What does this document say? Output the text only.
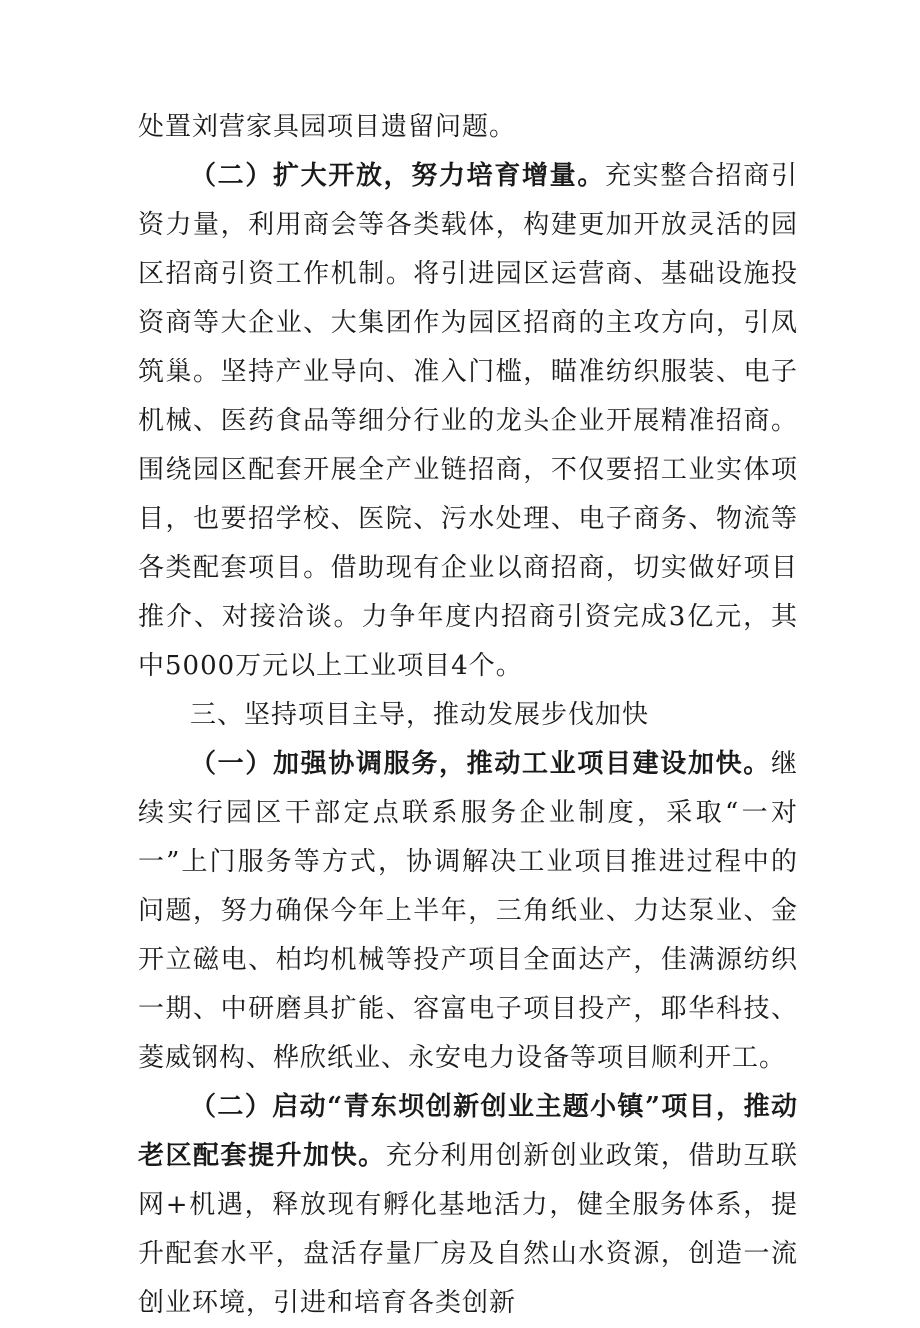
处置刘营家具园项目遗留问题。

（二）扩大开放，努力培育增量。充实整合招商引资力量，利用商会等各类载体，构建更加开放灵活的园区招商引资工作机制。将引进园区运营商、基础设施投资商等大企业、大集团作为园区招商的主攻方向，引凤筑巢。坚持产业导向、准入门槛，瞄准纺织服装、电子机械、医药食品等细分行业的龙头企业开展精准招商。围绕园区配套开展全产业链招商，不仅要招工业实体项目，也要招学校、医院、污水处理、电子商务、物流等各类配套项目。借助现有企业以商招商，切实做好项目推介、对接洽谈。力争年度内招商引资完成3亿元，其中5000万元以上工业项目4个。

三、坚持项目主导，推动发展步伐加快

（一）加强协调服务，推动工业项目建设加快。继续实行园区干部定点联系服务企业制度，采取“一对一”上门服务等方式，协调解决工业项目推进过程中的问题，努力确保今年上半年，三角纸业、力达泵业、金开立磁电、柏均机械等投产项目全面达产，佳满源纺织一期、中研磨具扩能、容富电子项目投产，耶华科技、菱威钢构、桦欣纸业、永安电力设备等项目顺利开工。

（二）启动“青东坝创新创业主题小镇”项目，推动老区配套提升加快。充分利用创新创业政策，借助互联网+机遇，释放现有孵化基地活力，健全服务体系，提升配套水平，盘活存量厂房及自然山水资源，创造一流创业环境，引进和培育各类创新
